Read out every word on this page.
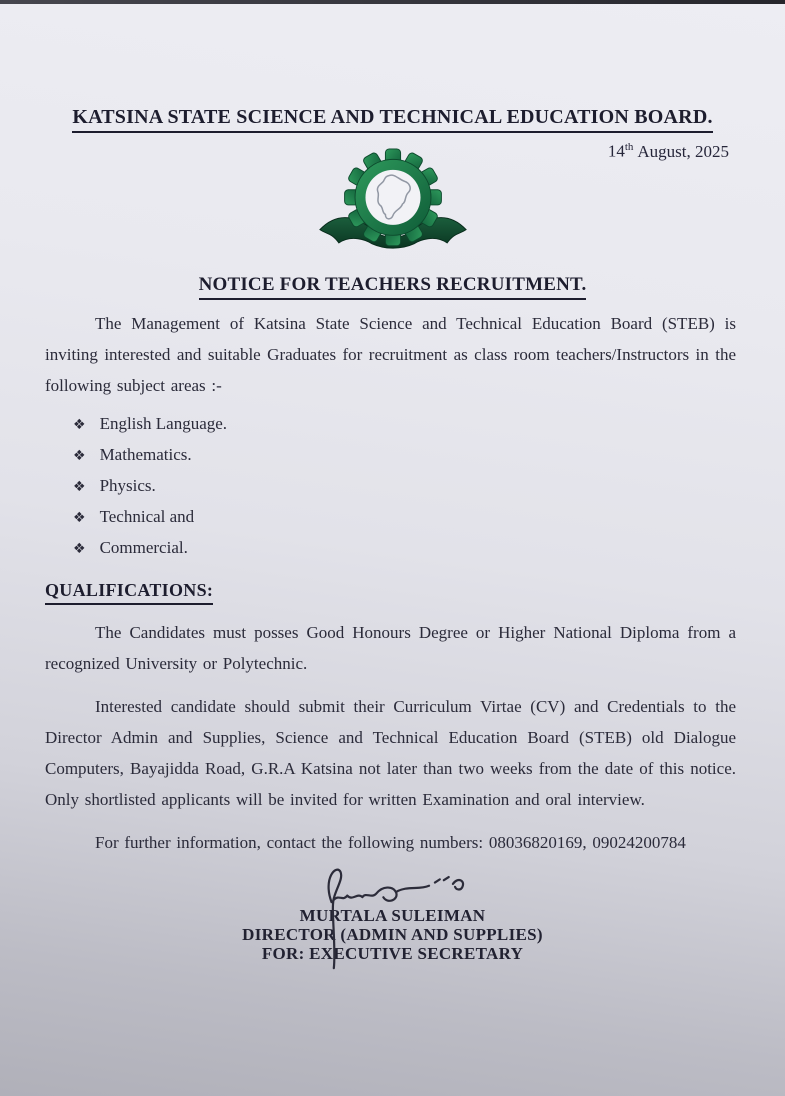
KATSINA STATE SCIENCE AND TECHNICAL EDUCATION BOARD.
14th August, 2025
NOTICE FOR TEACHERS RECRUITMENT.

The Management of Katsina State Science and Technical Education Board (STEB) is inviting interested and suitable Graduates for recruitment as class room teachers/Instructors in the following subject areas :-

❖ English Language.
❖ Mathematics.
❖ Physics.
❖ Technical and
❖ Commercial.
QUALIFICATIONS:

The Candidates must posses Good Honours Degree or Higher National Diploma from a recognized University or Polytechnic.

Interested candidate should submit their Curriculum Virtae (CV) and Credentials to the Director Admin and Supplies, Science and Technical Education Board (STEB) old Dialogue Computers, Bayajidda Road, G.R.A Katsina not later than two weeks from the date of this notice. Only shortlisted applicants will be invited for written Examination and oral interview.

For further information, contact the following numbers: 08036820169, 09024200784

MURTALA SULEIMAN
DIRECTOR (ADMIN AND SUPPLIES)
FOR: EXECUTIVE SECRETARY
